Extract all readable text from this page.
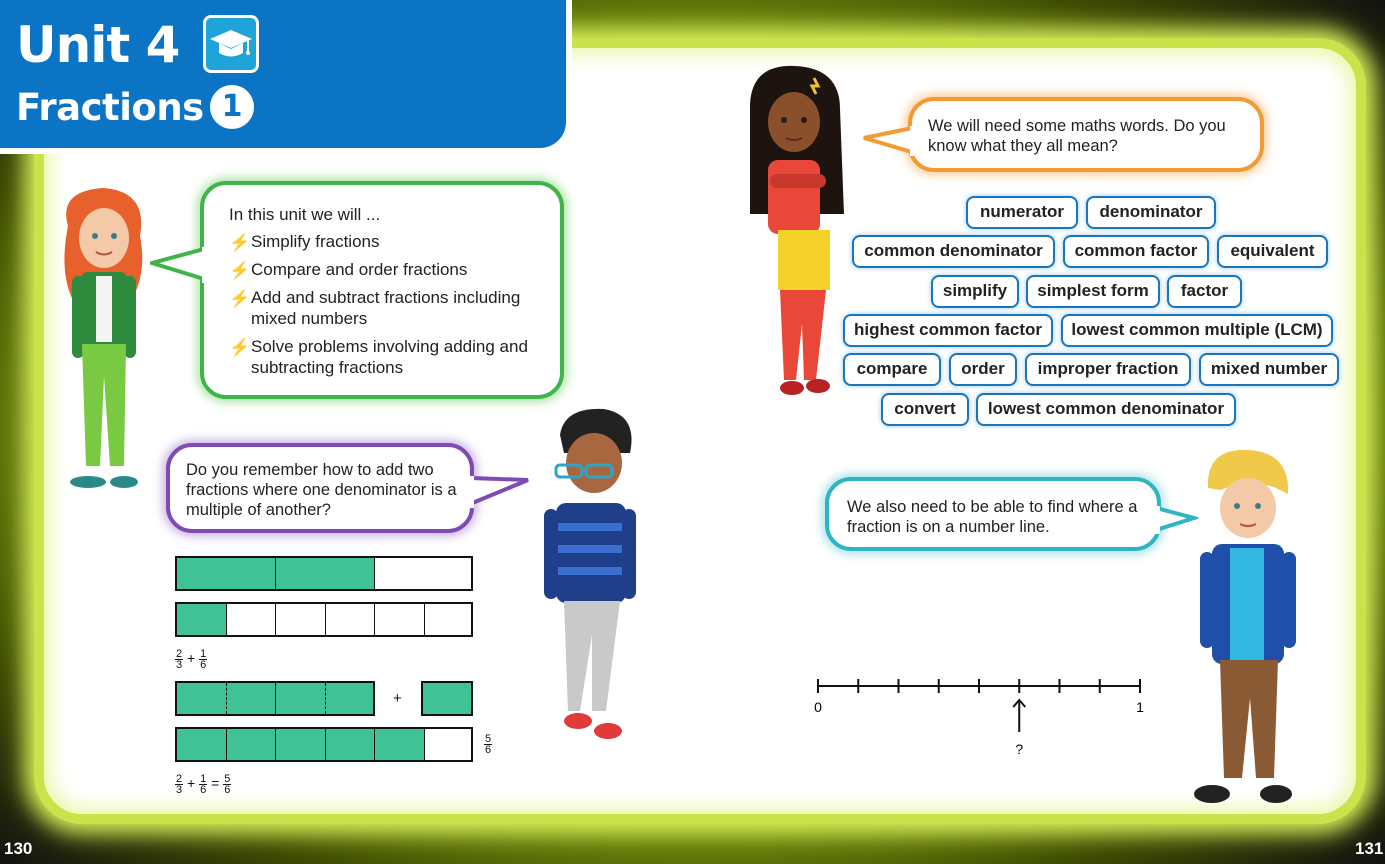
Unit 4
Fractions 1
In this unit we will ...
⚡ Simplify fractions
⚡ Compare and order fractions
⚡ Add and subtract fractions including mixed numbers
⚡ Solve problems involving adding and subtracting fractions
Do you remember how to add two fractions where one denominator is a multiple of another?
$\frac{2}{3} + \frac{1}{6}$
+
$\frac{5}{6}$
$\frac{2}{3} + \frac{1}{6} = \frac{5}{6}$
We will need some maths words. Do you know what they all mean?
numerator	denominator
common denominator	common factor	equivalent
simplify	simplest form	factor
highest common factor	lowest common multiple (LCM)
compare	order	improper fraction	mixed number
convert	lowest common denominator
We also need to be able to find where a fraction is on a number line.
0	1
?
130	131
